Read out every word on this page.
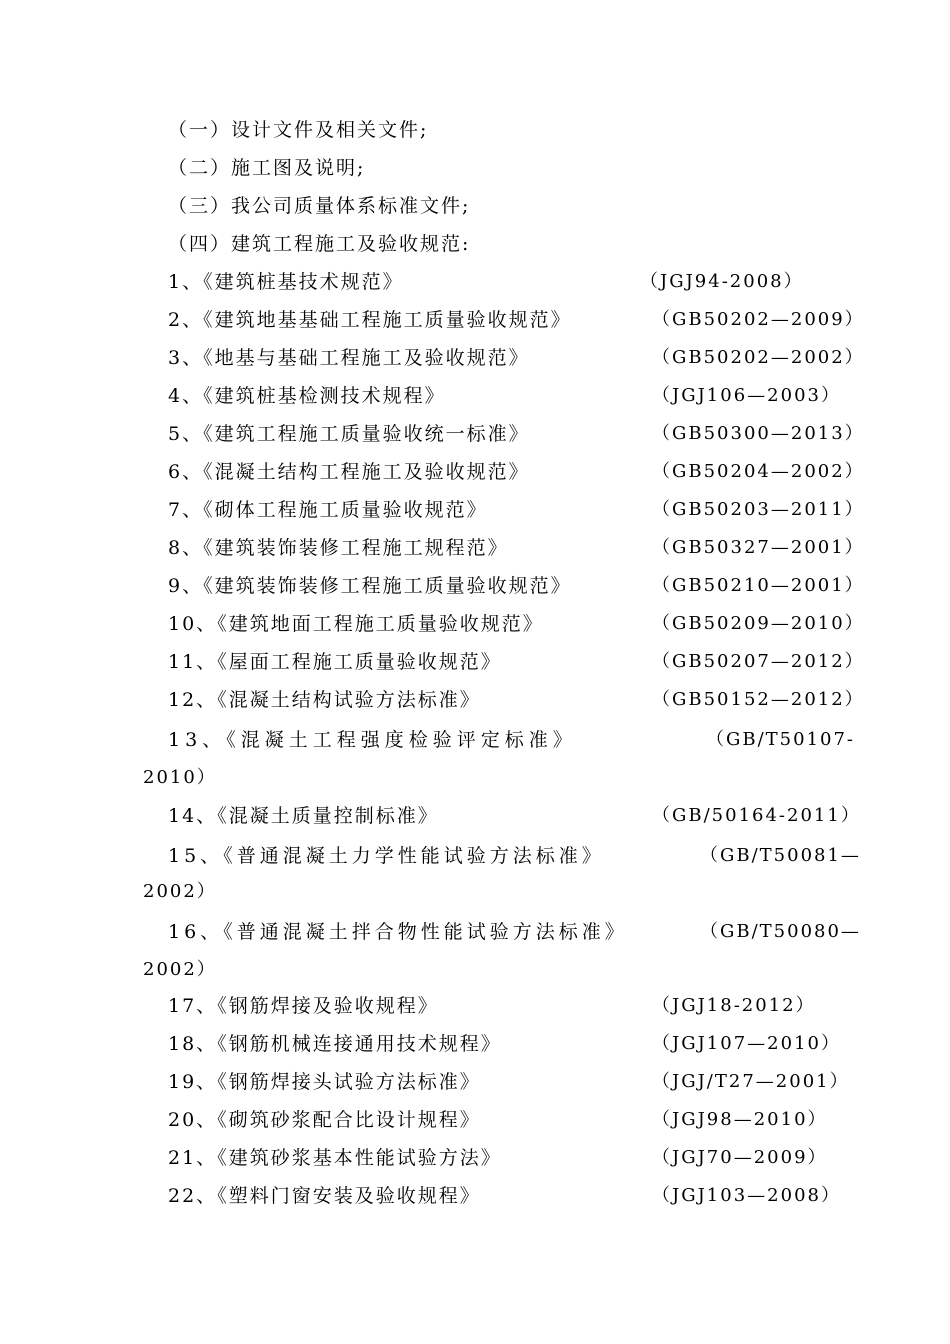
（一）设计文件及相关文件;
（二）施工图及说明;
（三）我公司质量体系标准文件;
（四）建筑工程施工及验收规范:
1、《建筑桩基技术规范》	（JGJ94-2008）
2、《建筑地基基础工程施工质量验收规范》	（GB50202—2009）
3、《地基与基础工程施工及验收规范》	（GB50202—2002）
4、《建筑桩基检测技术规程》	（JGJ106—2003）
5、《建筑工程施工质量验收统一标准》	（GB50300—2013）
6、《混凝土结构工程施工及验收规范》	（GB50204—2002）
7、《砌体工程施工质量验收规范》	（GB50203—2011）
8、《建筑装饰装修工程施工规程范》	（GB50327—2001）
9、《建筑装饰装修工程施工质量验收规范》	（GB50210—2001）
10、《建筑地面工程施工质量验收规范》	（GB50209—2010）
11、《屋面工程施工质量验收规范》	（GB50207—2012）
12、《混凝土结构试验方法标准》	（GB50152—2012）
13、《混凝土工程强度检验评定标准》	（GB/T50107-
2010）
14、《混凝土质量控制标准》	（GB/50164-2011）
15、《普通混凝土力学性能试验方法标准》	（GB/T50081—
2002）
16、《普通混凝土拌合物性能试验方法标准》	（GB/T50080—
2002）
17、《钢筋焊接及验收规程》	（JGJ18-2012）
18、《钢筋机械连接通用技术规程》	（JGJ107—2010）
19、《钢筋焊接头试验方法标准》	（JGJ/T27—2001）
20、《砌筑砂浆配合比设计规程》	（JGJ98—2010）
21、《建筑砂浆基本性能试验方法》	（JGJ70—2009）
22、《塑料门窗安装及验收规程》	（JGJ103—2008）
